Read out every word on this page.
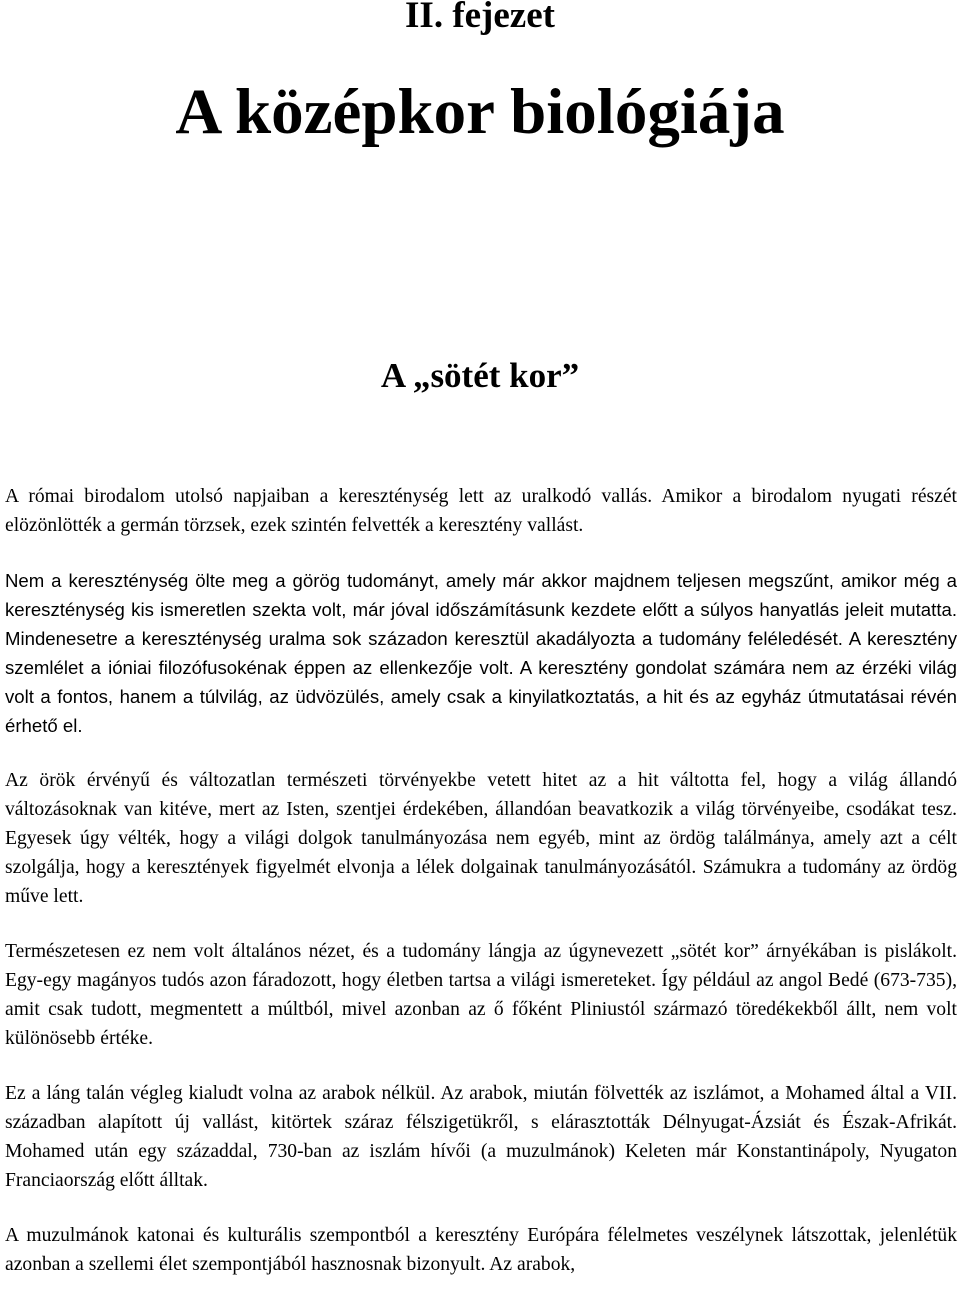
II. fejezet
A középkor biológiája
A „sötét kor”

A római birodalom utolsó napjaiban a kereszténység lett az uralkodó vallás. Amikor a birodalom nyugati részét elözönlötték a germán törzsek, ezek szintén felvették a keresztény vallást.

Nem a kereszténység ölte meg a görög tudományt, amely már akkor majdnem teljesen megszűnt, amikor még a kereszténység kis ismeretlen szekta volt, már jóval időszámításunk kezdete előtt a súlyos hanyatlás jeleit mutatta. Mindenesetre a kereszténység uralma sok századon keresztül akadályozta a tudomány feléledését. A keresztény szemlélet a ióniai filozófusokénak éppen az ellenkezője volt. A keresztény gondolat számára nem az érzéki világ volt a fontos, hanem a túlvilág, az üdvözülés, amely csak a kinyilatkoztatás, a hit és az egyház útmutatásai révén érhető el.

Az örök érvényű és változatlan természeti törvényekbe vetett hitet az a hit váltotta fel, hogy a világ állandó változásoknak van kitéve, mert az Isten, szentjei érdekében, állandóan beavatkozik a világ törvényeibe, csodákat tesz. Egyesek úgy vélték, hogy a világi dolgok tanulmányozása nem egyéb, mint az ördög találmánya, amely azt a célt szolgálja, hogy a keresztények figyelmét elvonja a lélek dolgainak tanulmányozásától. Számukra a tudomány az ördög műve lett.

Természetesen ez nem volt általános nézet, és a tudomány lángja az úgynevezett „sötét kor” árnyékában is pislákolt. Egy-egy magányos tudós azon fáradozott, hogy életben tartsa a világi ismereteket. Így például az angol Bedé (673-735), amit csak tudott, megmentett a múltból, mivel azonban az ő főként Pliniustól származó töredékekből állt, nem volt különösebb értéke.

Ez a láng talán végleg kialudt volna az arabok nélkül. Az arabok, miután fölvették az iszlámot, a Mohamed által a VII. században alapított új vallást, kitörtek száraz félszigetükről, s elárasztották Délnyugat-Ázsiát és Észak-Afrikát. Mohamed után egy századdal, 730-ban az iszlám hívői (a muzulmánok) Keleten már Konstantinápoly, Nyugaton Franciaország előtt álltak.

A muzulmánok katonai és kulturális szempontból a keresztény Európára félelmetes veszélynek látszottak, jelenlétük azonban a szellemi élet szempontjából hasznosnak bizonyult. Az arabok,
